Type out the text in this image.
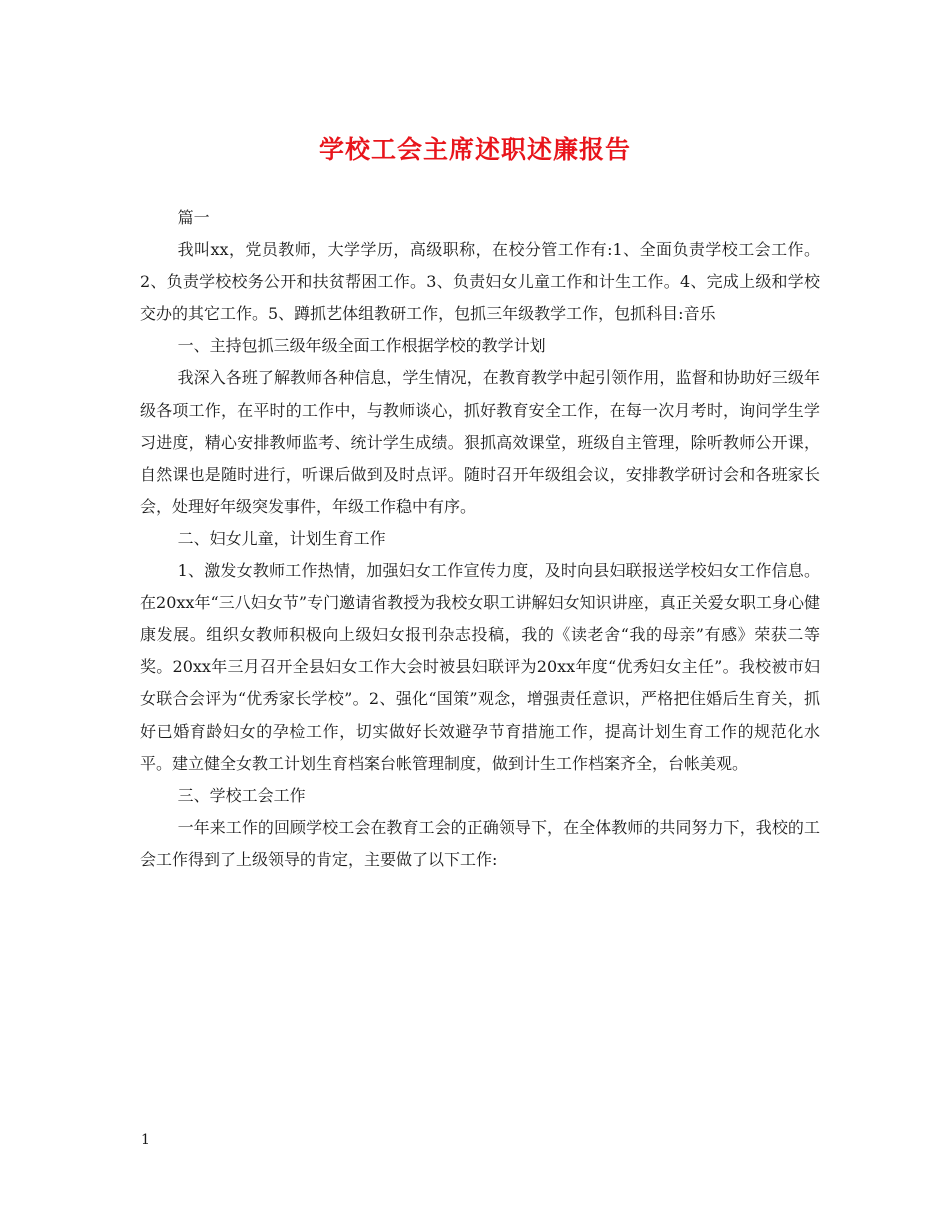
学校工会主席述职述廉报告

篇一

我叫xx，党员教师，大学学历，高级职称，在校分管工作有:1、全面负责学校工会工作。2、负责学校校务公开和扶贫帮困工作。3、负责妇女儿童工作和计生工作。4、完成上级和学校交办的其它工作。5、蹲抓艺体组教研工作，包抓三年级教学工作，包抓科目:音乐

一、主持包抓三级年级全面工作根据学校的教学计划

我深入各班了解教师各种信息，学生情况，在教育教学中起引领作用，监督和协助好三级年级各项工作，在平时的工作中，与教师谈心，抓好教育安全工作，在每一次月考时，询问学生学习进度，精心安排教师监考、统计学生成绩。狠抓高效课堂，班级自主管理，除听教师公开课，自然课也是随时进行，听课后做到及时点评。随时召开年级组会议，安排教学研讨会和各班家长会，处理好年级突发事件，年级工作稳中有序。

二、妇女儿童，计划生育工作

1、激发女教师工作热情，加强妇女工作宣传力度，及时向县妇联报送学校妇女工作信息。在20xx年“三八妇女节”专门邀请省教授为我校女职工讲解妇女知识讲座，真正关爱女职工身心健康发展。组织女教师积极向上级妇女报刊杂志投稿，我的《读老舍“我的母亲”有感》荣获二等奖。20xx年三月召开全县妇女工作大会时被县妇联评为20xx年度“优秀妇女主任”。我校被市妇女联合会评为“优秀家长学校”。2、强化“国策”观念，增强责任意识，严格把住婚后生育关，抓好已婚育龄妇女的孕检工作，切实做好长效避孕节育措施工作，提高计划生育工作的规范化水平。建立健全女教工计划生育档案台帐管理制度，做到计生工作档案齐全，台帐美观。

三、学校工会工作

一年来工作的回顾学校工会在教育工会的正确领导下，在全体教师的共同努力下，我校的工会工作得到了上级领导的肯定，主要做了以下工作:

1
